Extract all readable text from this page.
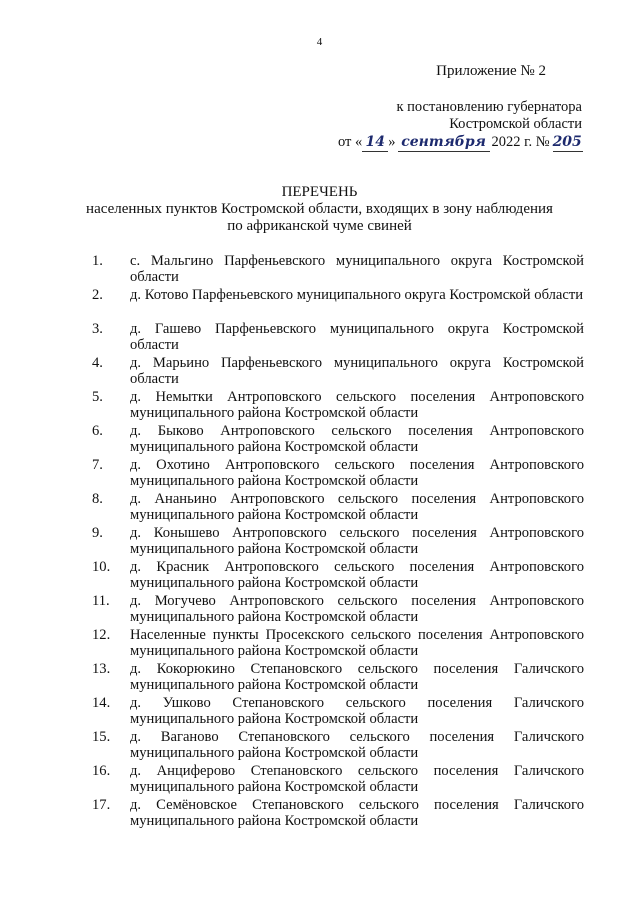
4
Приложение № 2
к постановлению губернатора
Костромской области
от « 14 » сентября 2022 г. № 205
ПЕРЕЧЕНЬ
населенных пунктов Костромской области, входящих в зону наблюдения
по африканской чуме свиней
1.	с. Мальгино Парфеньевского муниципального округа Костромской области
2.	д. Котово Парфеньевского муниципального округа Костромской области
3.	д. Гашево Парфеньевского муниципального округа Костромской области
4.	д. Марьино Парфеньевского муниципального округа Костромской области
5.	д. Немытки Антроповского сельского поселения Антроповского муниципального района Костромской области
6.	д. Быково Антроповского сельского поселения Антроповского муниципального района Костромской области
7.	д. Охотино Антроповского сельского поселения Антроповского муниципального района Костромской области
8.	д. Ананьино Антроповского сельского поселения Антроповского муниципального района Костромской области
9.	д. Конышево Антроповского сельского поселения Антроповского муниципального района Костромской области
10.	д. Красник Антроповского сельского поселения Антроповского муниципального района Костромской области
11.	д. Могучево Антроповского сельского поселения Антроповского муниципального района Костромской области
12.	Населенные пункты Просекского сельского поселения Антроповского муниципального района Костромской области
13.	д. Кокорюкино Степановского сельского поселения Галичского муниципального района Костромской области
14.	д. Ушково Степановского сельского поселения Галичского муниципального района Костромской области
15.	д. Ваганово Степановского сельского поселения Галичского муниципального района Костромской области
16.	д. Анциферово Степановского сельского поселения Галичского муниципального района Костромской области
17.	д. Семёновское Степановского сельского поселения Галичского муниципального района Костромской области
